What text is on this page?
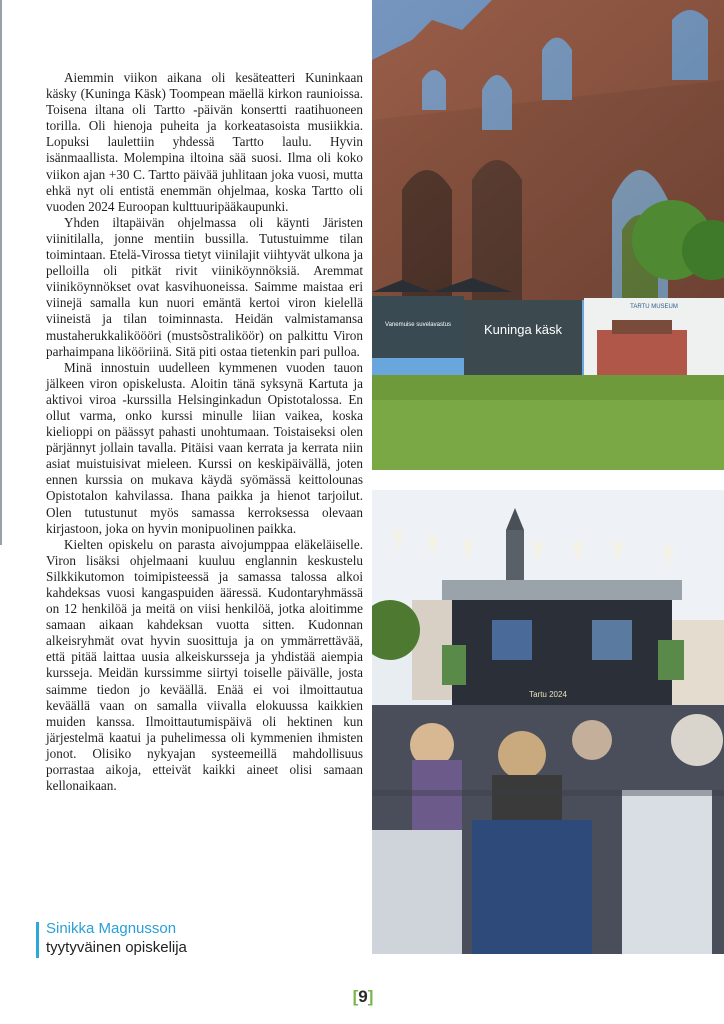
Aiemmin viikon aikana oli kesäteatteri Kuninkaan käsky (Kuninga Käsk) Toompean mäellä kirkon raunioissa. Toisena iltana oli Tartto -päivän konsertti raatihuoneen torilla. Oli hienoja puheita ja korkeatasoista musiikkia. Lopuksi laulettiin yhdessä Tartto laulu. Hyvin isänmaallista. Molempina iltoina sää suosi. Ilma oli koko viikon ajan +30 C. Tartto päivää juhlitaan joka vuosi, mutta ehkä nyt oli entistä enemmän ohjelmaa, koska Tartto oli vuoden 2024 Euroopan kulttuuripääkaupunki.

Yhden iltapäivän ohjelmassa oli käynti Järisten viinitilalla, jonne mentiin bussilla. Tutustuimme tilan toimintaan. Etelä-Virossa tietyt viinilajit viihtyvät ulkona ja pelloilla oli pitkät rivit viiniköynnöksiä. Aremmat viiniköynnökset ovat kasvihuoneissa. Saimme maistaa eri viinejä samalla kun nuori emäntä kertoi viron kielellä viineistä ja tilan toiminnasta. Heidän valmistamansa mustaherukkaliköööri (mustsõstraliköör) on palkittu Viron parhaimpana likööriinä. Sitä piti ostaa tietenkin pari pulloa.

Minä innostuin uudelleen kymmenen vuoden tauon jälkeen viron opiskelusta. Aloitin tänä syksynä Kartuta ja aktivoi viroa -kurssilla Helsinginkadun Opistotalossa. En ollut varma, onko kurssi minulle liian vaikea, koska kielioppi on päässyt pahasti unohtumaan. Toistaiseksi olen pärjännyt jollain tavalla. Pitäisi vaan kerrata ja kerrata niin asiat muistuisivat mieleen. Kurssi on keskipäivällä, joten ennen kurssia on mukava käydä syömässä keittolounas Opistotalon kahvilassa. Ihana paikka ja hienot tarjoilut. Olen tutustunut myös samassa kerroksessa olevaan kirjastoon, joka on hyvin monipuolinen paikka.

Kielten opiskelu on parasta aivojumppaa eläkeläiselle. Viron lisäksi ohjelmaani kuuluu englannin keskustelu Silkkikutomon toimipisteessä ja samassa talossa alkoi kahdeksas vuosi kangaspuiden ääressä. Kudontaryhmässä on 12 henkilöä ja meitä on viisi henkilöä, jotka aloitimme samaan aikaan kahdeksan vuotta sitten. Kudonnan alkeisryhmät ovat hyvin suosittuja ja on ymmärrettävää, että pitää laittaa uusia alkeiskursseja ja yhdistää aiempia kursseja. Meidän kurssimme siirtyi toiselle päivälle, josta saimme tiedon jo keväällä. Enää ei voi ilmoittautua keväällä vaan on samalla viivalla elokuussa kaikkien muiden kanssa. Ilmoittautumispäivä oli hektinen kun järjestelmä kaatui ja puhelimessa oli kymmenien ihmisten jonot. Olisiko nykyajan systeemeillä mahdollisuus porrastaa aikoja, etteivät kaikki aineet olisi samaan kellonaikaan.

Sinikka Magnusson
tyytyväinen opiskelija
Kuninga käsk
Vanemuise suvelavastus
TARTU MUSEUM
Tartu 2024
[9]
